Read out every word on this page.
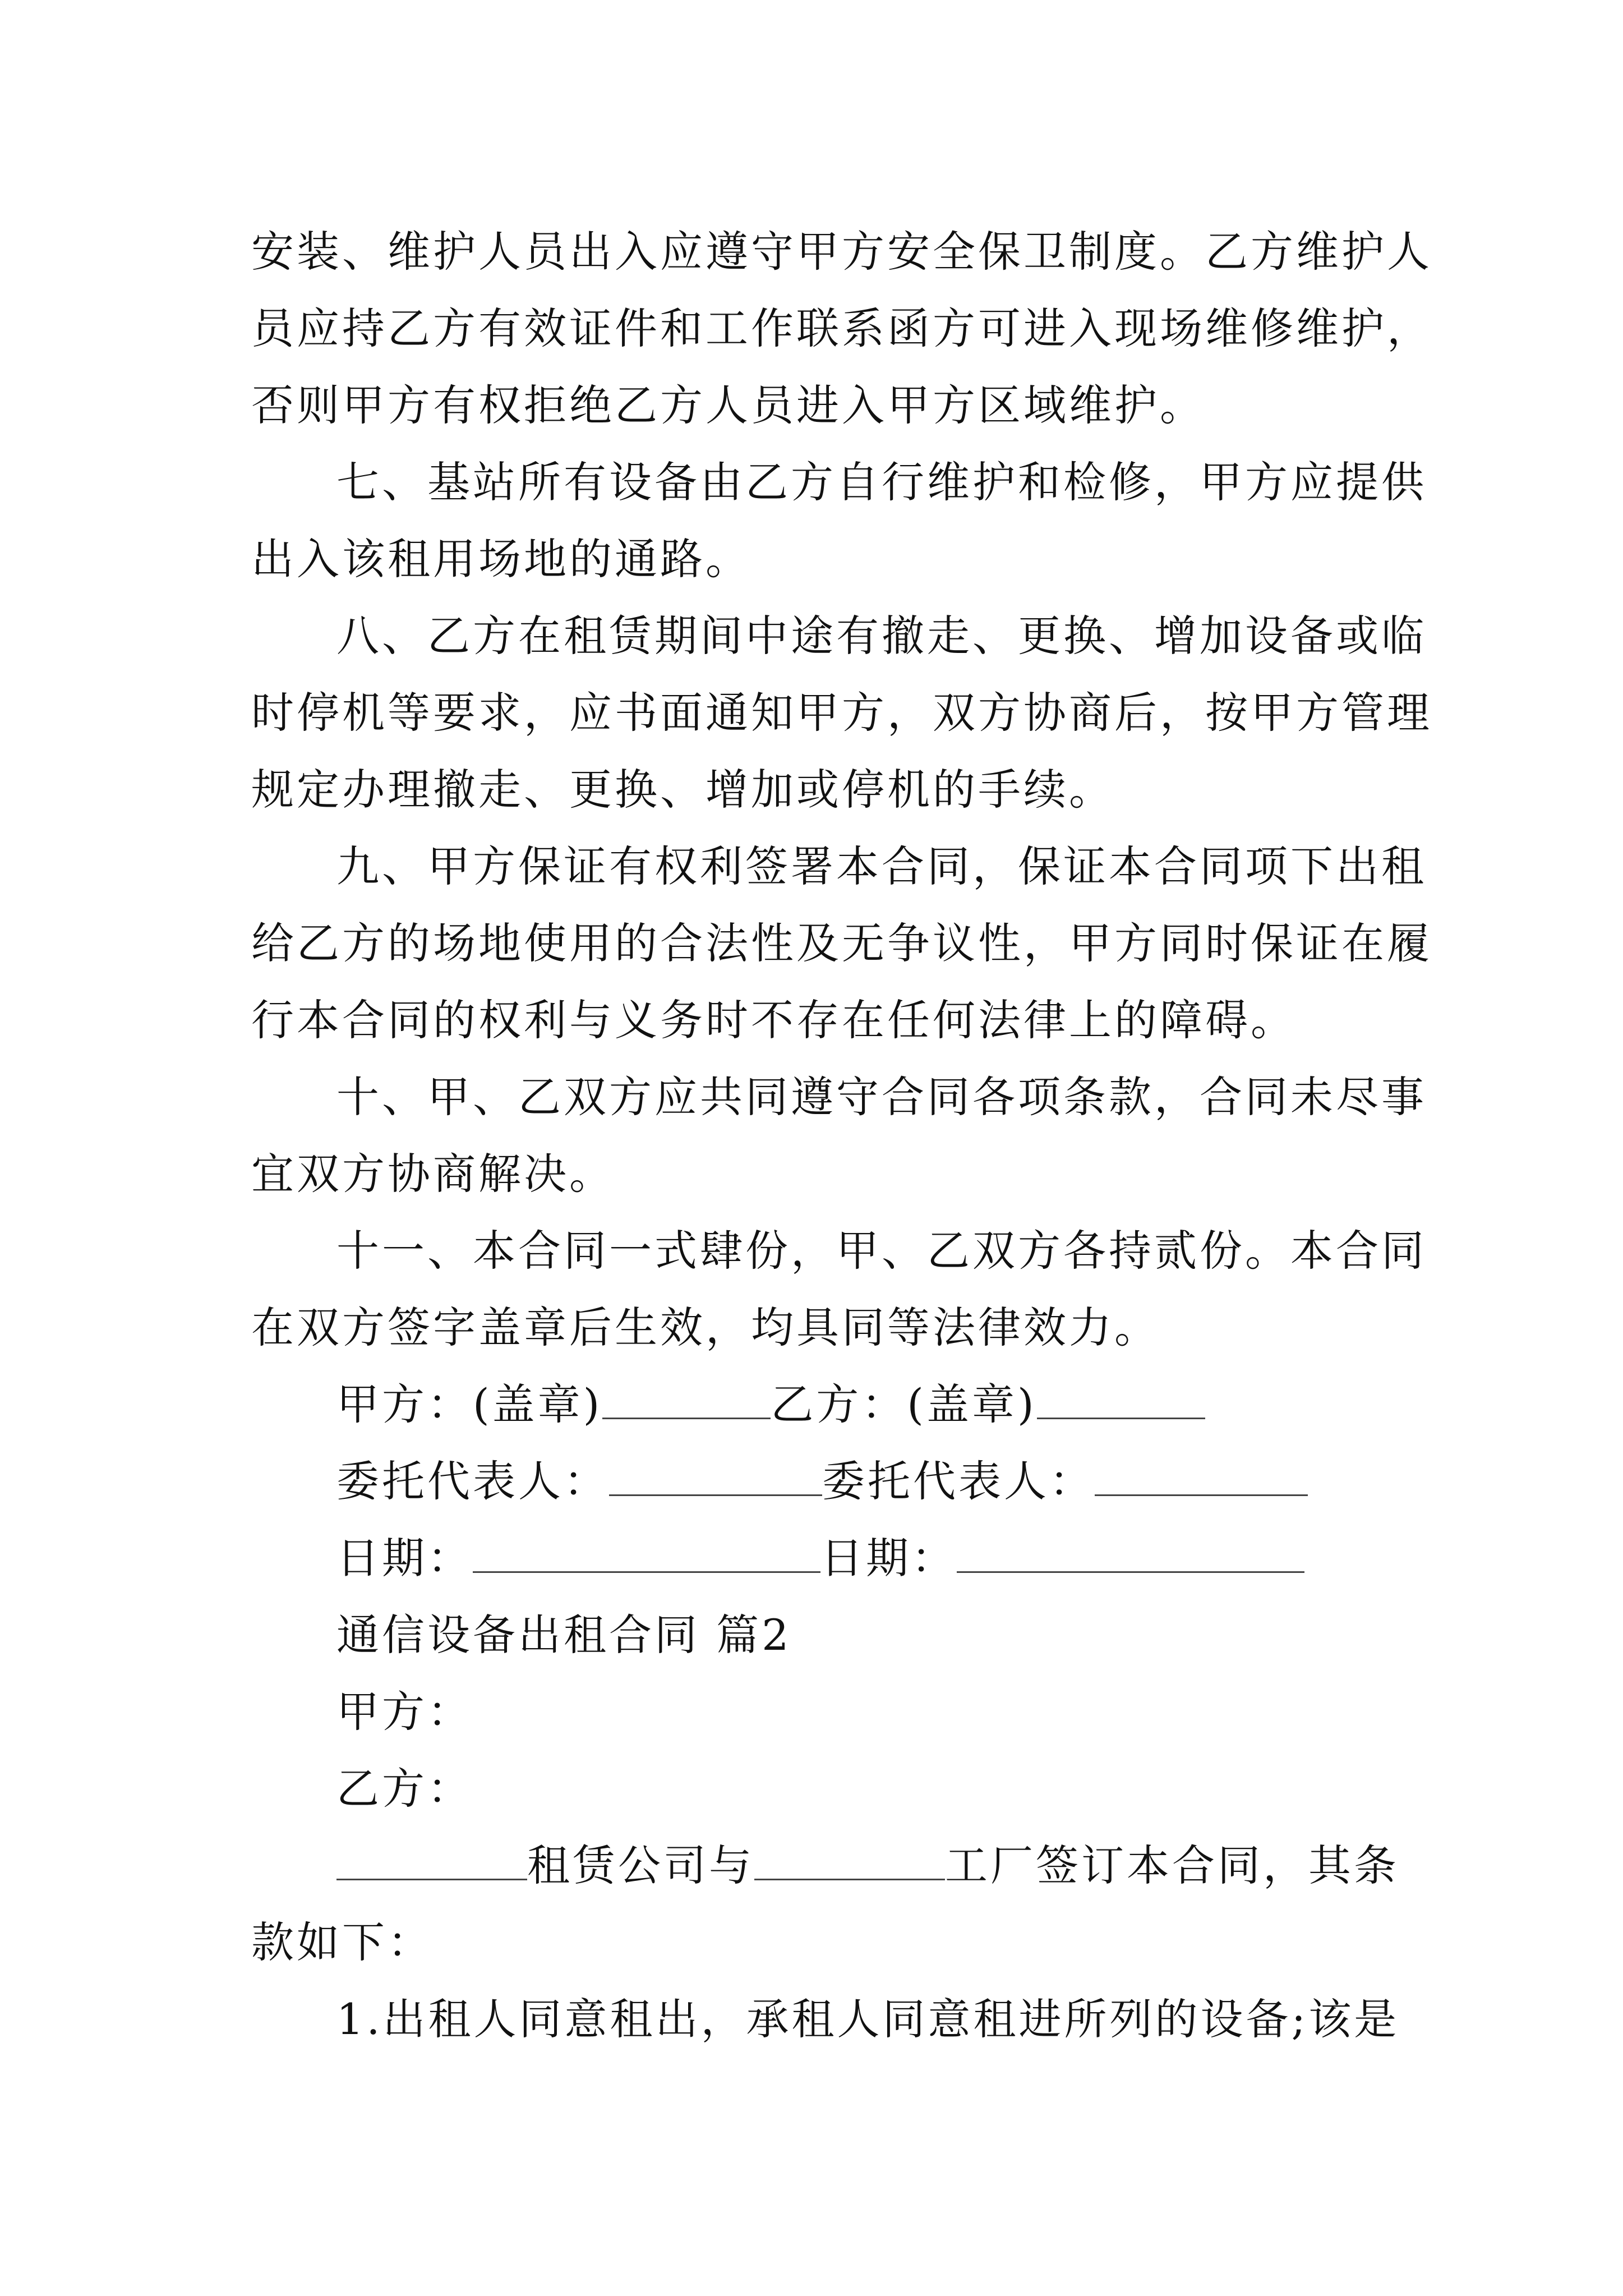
安装、维护人员出入应遵守甲方安全保卫制度。乙方维护人
员应持乙方有效证件和工作联系函方可进入现场维修维护，
否则甲方有权拒绝乙方人员进入甲方区域维护。
七、基站所有设备由乙方自行维护和检修，甲方应提供
出入该租用场地的通路。
八、乙方在租赁期间中途有撤走、更换、增加设备或临
时停机等要求，应书面通知甲方，双方协商后，按甲方管理
规定办理撤走、更换、增加或停机的手续。
九、甲方保证有权利签署本合同，保证本合同项下出租
给乙方的场地使用的合法性及无争议性，甲方同时保证在履
行本合同的权利与义务时不存在任何法律上的障碍。
十、甲、乙双方应共同遵守合同各项条款，合同未尽事
宜双方协商解决。
十一、本合同一式肆份，甲、乙双方各持贰份。本合同
在双方签字盖章后生效，均具同等法律效力。
甲方：(盖章)	乙方：(盖章)
委托代表人：	委托代表人：
日期：	日期：
通信设备出租合同 篇2
甲方：
乙方：
租赁公司与	工厂签订本合同，其条
款如下：
1.出租人同意租出，承租人同意租进所列的设备;该是
